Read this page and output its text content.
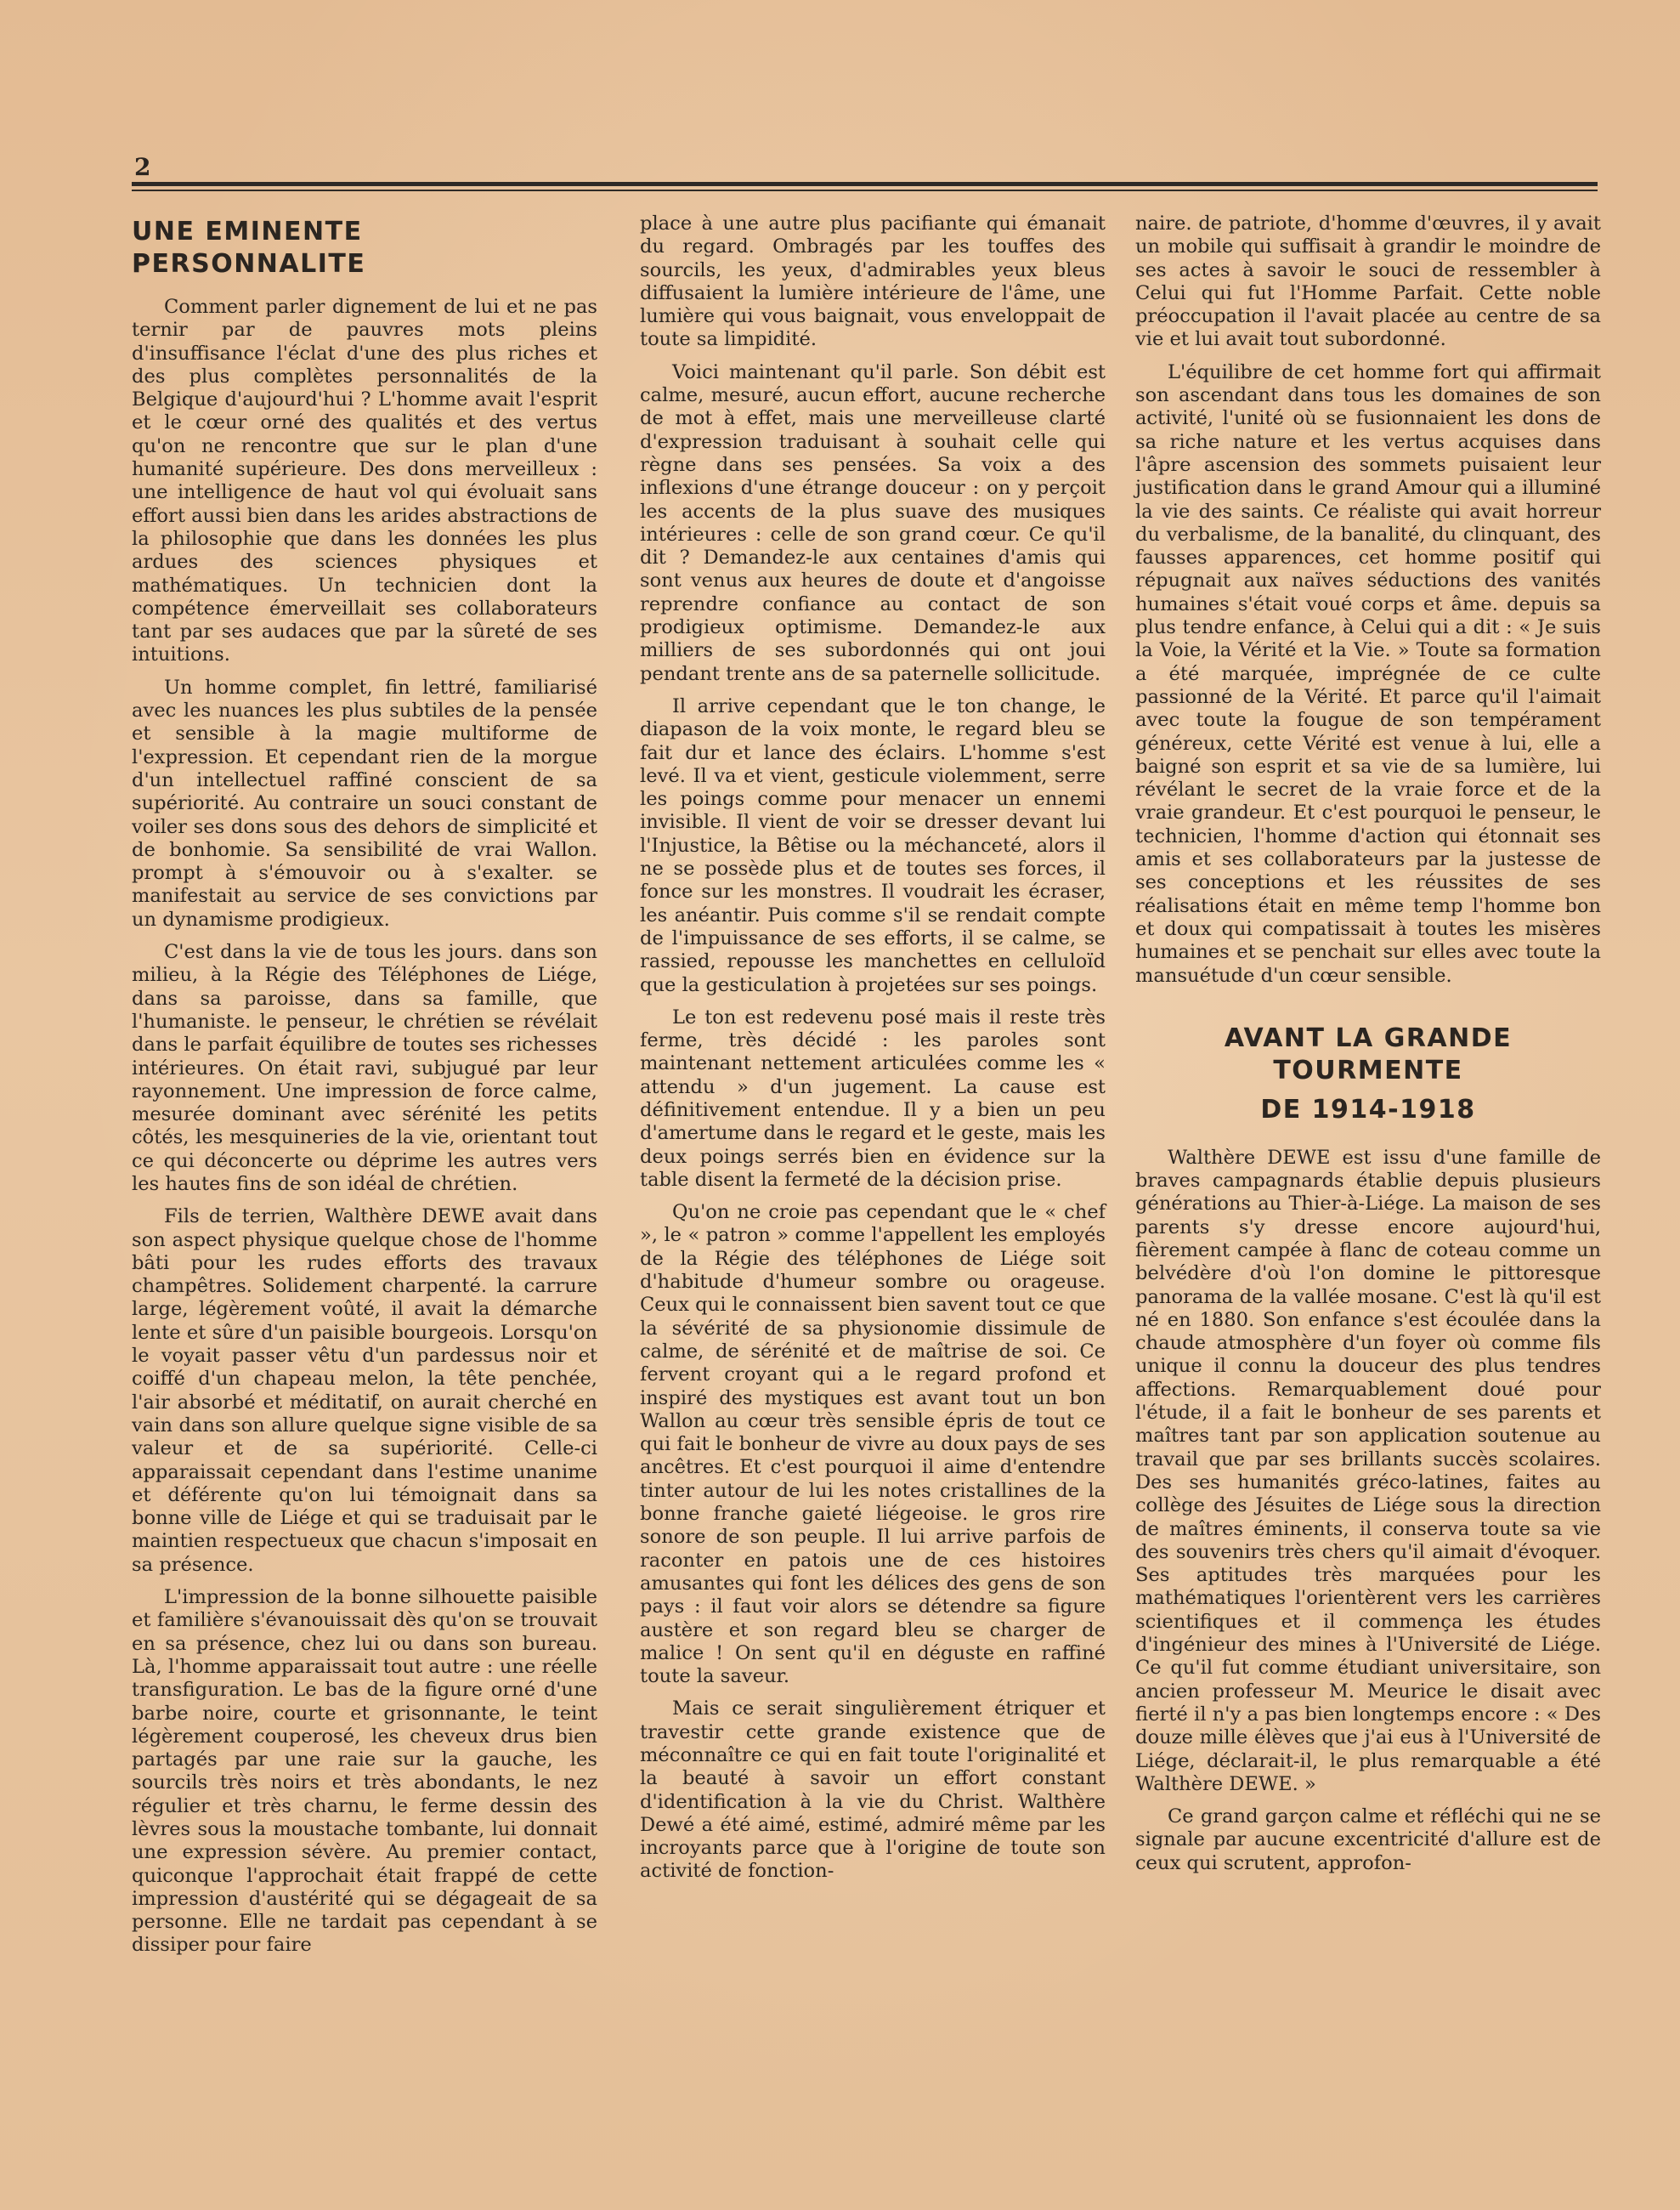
2
UNE EMINENTE PERSONNALITE

Comment parler dignement de lui et ne pas ternir par de pauvres mots pleins d'insuffisance l'éclat d'une des plus riches et des plus complètes personnalités de la Belgique d'aujourd'hui ? L'homme avait l'esprit et le cœur orné des qualités et des vertus qu'on ne rencontre que sur le plan d'une humanité supérieure. Des dons merveilleux : une intelligence de haut vol qui évoluait sans effort aussi bien dans les arides abstractions de la philosophie que dans les données les plus ardues des sciences physiques et mathématiques. Un technicien dont la compétence émerveillait ses collaborateurs tant par ses audaces que par la sûreté de ses intuitions.

Un homme complet, fin lettré, familiarisé avec les nuances les plus subtiles de la pensée et sensible à la magie multiforme de l'expression. Et cependant rien de la morgue d'un intellectuel raffiné conscient de sa supériorité. Au contraire un souci constant de voiler ses dons sous des dehors de simplicité et de bonhomie. Sa sensibilité de vrai Wallon. prompt à s'émouvoir ou à s'exalter. se manifestait au service de ses convictions par un dynamisme prodigieux.

C'est dans la vie de tous les jours. dans son milieu, à la Régie des Téléphones de Liége, dans sa paroisse, dans sa famille, que l'humaniste. le penseur, le chrétien se révélait dans le parfait équilibre de toutes ses richesses intérieures. On était ravi, subjugué par leur rayonnement. Une impression de force calme, mesurée dominant avec sérénité les petits côtés, les mesquineries de la vie, orientant tout ce qui déconcerte ou déprime les autres vers les hautes fins de son idéal de chrétien.

Fils de terrien, Walthère DEWE avait dans son aspect physique quelque chose de l'homme bâti pour les rudes efforts des travaux champêtres. Solidement charpenté. la carrure large, légèrement voûté, il avait la démarche lente et sûre d'un paisible bourgeois. Lorsqu'on le voyait passer vêtu d'un pardessus noir et coiffé d'un chapeau melon, la tête penchée, l'air absorbé et méditatif, on aurait cherché en vain dans son allure quelque signe visible de sa valeur et de sa supériorité. Celle-ci apparaissait cependant dans l'estime unanime et déférente qu'on lui témoignait dans sa bonne ville de Liége et qui se traduisait par le maintien respectueux que chacun s'imposait en sa présence.

L'impression de la bonne silhouette paisible et familière s'évanouissait dès qu'on se trouvait en sa présence, chez lui ou dans son bureau. Là, l'homme apparaissait tout autre : une réelle transfiguration. Le bas de la figure orné d'une barbe noire, courte et grisonnante, le teint légèrement couperosé, les cheveux drus bien partagés par une raie sur la gauche, les sourcils très noirs et très abondants, le nez régulier et très charnu, le ferme dessin des lèvres sous la moustache tombante, lui donnait une expression sévère. Au premier contact, quiconque l'approchait était frappé de cette impression d'austérité qui se dégageait de sa personne. Elle ne tardait pas cependant à se dissiper pour faire

place à une autre plus pacifiante qui émanait du regard. Ombragés par les touffes des sourcils, les yeux, d'admirables yeux bleus diffusaient la lumière intérieure de l'âme, une lumière qui vous baignait, vous enveloppait de toute sa limpidité.

Voici maintenant qu'il parle. Son débit est calme, mesuré, aucun effort, aucune recherche de mot à effet, mais une merveilleuse clarté d'expression traduisant à souhait celle qui règne dans ses pensées. Sa voix a des inflexions d'une étrange douceur : on y perçoit les accents de la plus suave des musiques intérieures : celle de son grand cœur. Ce qu'il dit ? Demandez-le aux centaines d'amis qui sont venus aux heures de doute et d'angoisse reprendre confiance au contact de son prodigieux optimisme. Demandez-le aux milliers de ses subordonnés qui ont joui pendant trente ans de sa paternelle sollicitude.

Il arrive cependant que le ton change, le diapason de la voix monte, le regard bleu se fait dur et lance des éclairs. L'homme s'est levé. Il va et vient, gesticule violemment, serre les poings comme pour menacer un ennemi invisible. Il vient de voir se dresser devant lui l'Injustice, la Bêtise ou la méchanceté, alors il ne se possède plus et de toutes ses forces, il fonce sur les monstres. Il voudrait les écraser, les anéantir. Puis comme s'il se rendait compte de l'impuissance de ses efforts, il se calme, se rassied, repousse les manchettes en celluloïd que la gesticulation à projetées sur ses poings.

Le ton est redevenu posé mais il reste très ferme, très décidé : les paroles sont maintenant nettement articulées comme les « attendu » d'un jugement. La cause est définitivement entendue. Il y a bien un peu d'amertume dans le regard et le geste, mais les deux poings serrés bien en évidence sur la table disent la fermeté de la décision prise.

Qu'on ne croie pas cependant que le « chef », le « patron » comme l'appellent les employés de la Régie des téléphones de Liége soit d'habitude d'humeur sombre ou orageuse. Ceux qui le connaissent bien savent tout ce que la sévérité de sa physionomie dissimule de calme, de sérénité et de maîtrise de soi. Ce fervent croyant qui a le regard profond et inspiré des mystiques est avant tout un bon Wallon au cœur très sensible épris de tout ce qui fait le bonheur de vivre au doux pays de ses ancêtres. Et c'est pourquoi il aime d'entendre tinter autour de lui les notes cristallines de la bonne franche gaieté liégeoise. le gros rire sonore de son peuple. Il lui arrive parfois de raconter en patois une de ces histoires amusantes qui font les délices des gens de son pays : il faut voir alors se détendre sa figure austère et son regard bleu se charger de malice ! On sent qu'il en déguste en raffiné toute la saveur.

Mais ce serait singulièrement étriquer et travestir cette grande existence que de méconnaître ce qui en fait toute l'originalité et la beauté à savoir un effort constant d'identification à la vie du Christ. Walthère Dewé a été aimé, estimé, admiré même par les incroyants parce que à l'origine de toute son activité de fonction-

naire. de patriote, d'homme d'œuvres, il y avait un mobile qui suffisait à grandir le moindre de ses actes à savoir le souci de ressembler à Celui qui fut l'Homme Parfait. Cette noble préoccupation il l'avait placée au centre de sa vie et lui avait tout subordonné.

L'équilibre de cet homme fort qui affirmait son ascendant dans tous les domaines de son activité, l'unité où se fusionnaient les dons de sa riche nature et les vertus acquises dans l'âpre ascension des sommets puisaient leur justification dans le grand Amour qui a illuminé la vie des saints. Ce réaliste qui avait horreur du verbalisme, de la banalité, du clinquant, des fausses apparences, cet homme positif qui répugnait aux naïves séductions des vanités humaines s'était voué corps et âme. depuis sa plus tendre enfance, à Celui qui a dit : « Je suis la Voie, la Vérité et la Vie. » Toute sa formation a été marquée, imprégnée de ce culte passionné de la Vérité. Et parce qu'il l'aimait avec toute la fougue de son tempérament généreux, cette Vérité est venue à lui, elle a baigné son esprit et sa vie de sa lumière, lui révélant le secret de la vraie force et de la vraie grandeur. Et c'est pourquoi le penseur, le technicien, l'homme d'action qui étonnait ses amis et ses collaborateurs par la justesse de ses conceptions et les réussites de ses réalisations était en même temp l'homme bon et doux qui compatissait à toutes les misères humaines et se penchait sur elles avec toute la mansuétude d'un cœur sensible.

AVANT LA GRANDE TOURMENTE
DE 1914-1918

Walthère DEWE est issu d'une famille de braves campagnards établie depuis plusieurs générations au Thier-à-Liége. La maison de ses parents s'y dresse encore aujourd'hui, fièrement campée à flanc de coteau comme un belvédère d'où l'on domine le pittoresque panorama de la vallée mosane. C'est là qu'il est né en 1880. Son enfance s'est écoulée dans la chaude atmosphère d'un foyer où comme fils unique il connu la douceur des plus tendres affections. Remarquablement doué pour l'étude, il a fait le bonheur de ses parents et maîtres tant par son application soutenue au travail que par ses brillants succès scolaires. Des ses humanités gréco-latines, faites au collège des Jésuites de Liége sous la direction de maîtres éminents, il conserva toute sa vie des souvenirs très chers qu'il aimait d'évoquer. Ses aptitudes très marquées pour les mathématiques l'orientèrent vers les carrières scientifiques et il commença les études d'ingénieur des mines à l'Université de Liége. Ce qu'il fut comme étudiant universitaire, son ancien professeur M. Meurice le disait avec fierté il n'y a pas bien longtemps encore : « Des douze mille élèves que j'ai eus à l'Université de Liége, déclarait-il, le plus remarquable a été Walthère DEWE. »

Ce grand garçon calme et réfléchi qui ne se signale par aucune excentricité d'allure est de ceux qui scrutent, approfon-
